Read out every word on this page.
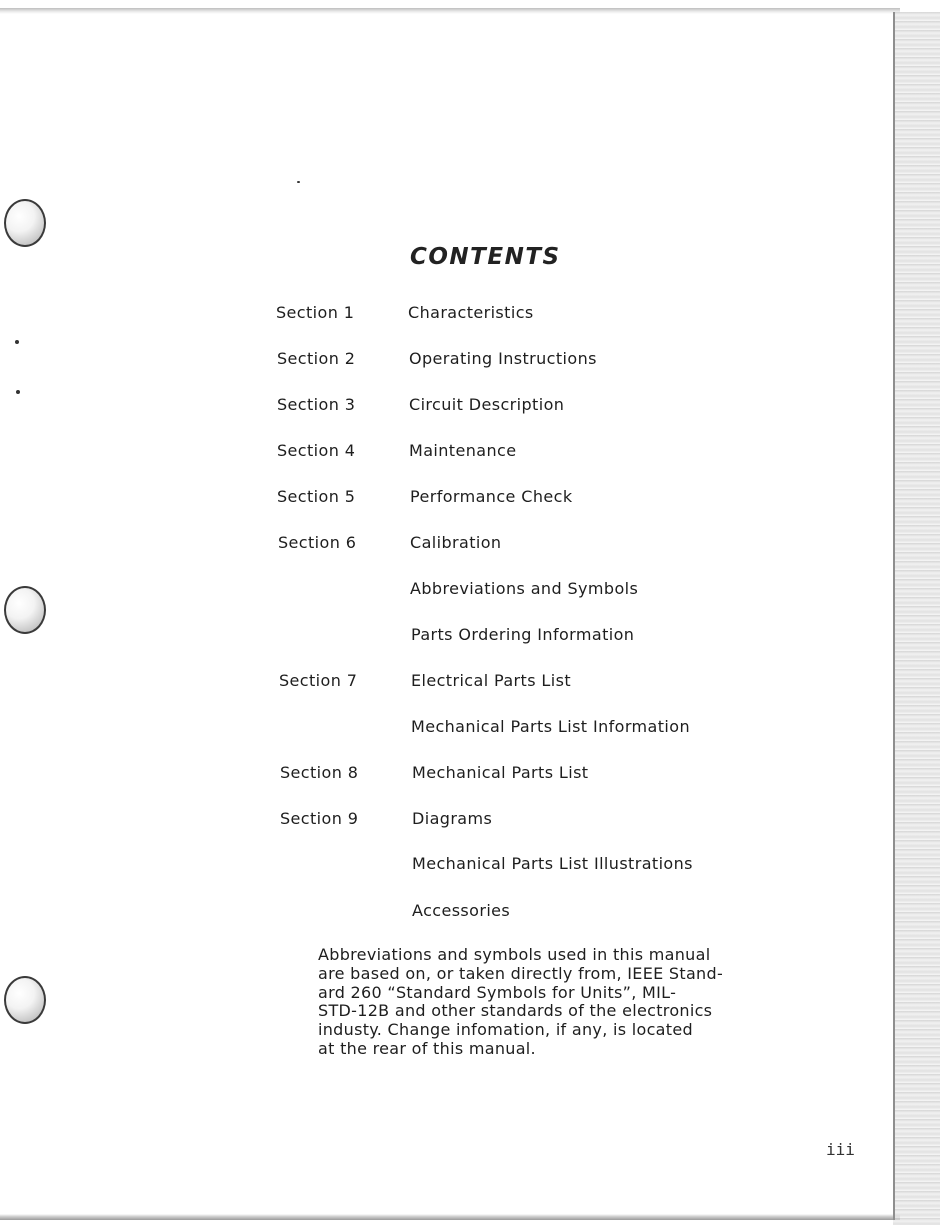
CONTENTS
Section 1	Characteristics
Section 2	Operating Instructions
Section 3	Circuit Description
Section 4	Maintenance
Section 5	Performance Check
Section 6	Calibration
Abbreviations and Symbols
Parts Ordering Information
Section 7	Electrical Parts List
Mechanical Parts List Information
Section 8	Mechanical Parts List
Section 9	Diagrams
Mechanical Parts List Illustrations
Accessories
Abbreviations and symbols used in this manual
are based on, or taken directly from, IEEE Stand-
ard 260 “Standard Symbols for Units”, MIL-
STD-12B and other standards of the electronics
industy. Change infomation, if any, is located
at the rear of this manual.
iii
